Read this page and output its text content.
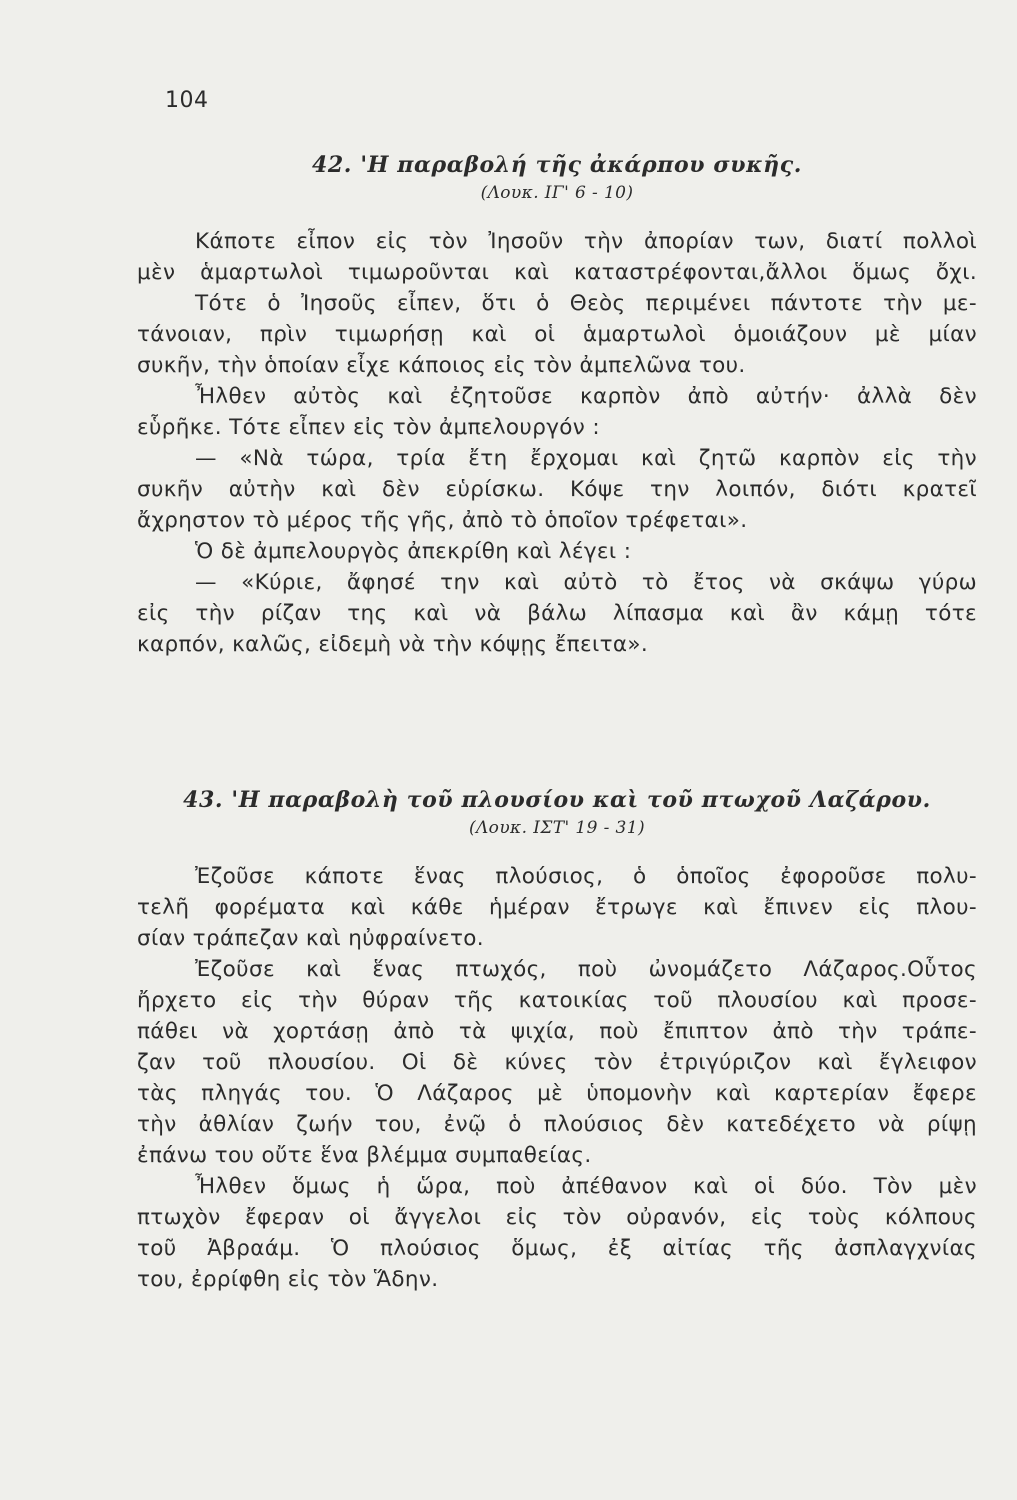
104
42. 'Η παραβολή τῆς ἀκάρπου συκῆς.
(Λουκ. ΙΓ' 6 - 10)
Κάποτε εἶπον εἰς τὸν Ἰησοῦν τὴν ἀπορίαν των, διατί πολλοὶ
μὲν ἁμαρτωλοὶ τιμωροῦνται καὶ καταστρέφονται,ἄλλοι ὅμως ὄχι.
Τότε ὁ Ἰησοῦς εἶπεν, ὅτι ὁ Θεὸς περιμένει πάντοτε τὴν με-
τάνοιαν, πρὶν τιμωρήσῃ καὶ οἱ ἁμαρτωλοὶ ὁμοιάζουν μὲ μίαν
συκῆν, τὴν ὁποίαν εἶχε κάποιος εἰς τὸν ἀμπελῶνα του.
Ἦλθεν αὐτὸς καὶ ἐζητοῦσε καρπὸν ἀπὸ αὐτήν· ἀλλὰ δὲν
εὗρῆκε. Τότε εἶπεν εἰς τὸν ἀμπελουργόν :
— «Νὰ τώρα, τρία ἔτη ἔρχομαι καὶ ζητῶ καρπὸν εἰς τὴν
συκῆν αὐτὴν καὶ δὲν εὑρίσκω. Κόψε την λοιπόν, διότι κρατεῖ
ἄχρηστον τὸ μέρος τῆς γῆς, ἀπὸ τὸ ὁποῖον τρέφεται».
Ὁ δὲ ἀμπελουργὸς ἀπεκρίθη καὶ λέγει :
— «Κύριε, ἄφησέ την καὶ αὐτὸ τὸ ἔτος νὰ σκάψω γύρω
εἰς τὴν ρίζαν της καὶ νὰ βάλω λίπασμα καὶ ἂν κάμῃ τότε
καρπόν, καλῶς, εἰδεμὴ νὰ τὴν κόψῃς ἔπειτα».
43. 'Η παραβολὴ τοῦ πλουσίου καὶ τοῦ πτωχοῦ Λαζάρου.
(Λουκ. ΙΣΤ' 19 - 31)
Ἐζοῦσε κάποτε ἕνας πλούσιος, ὁ ὁποῖος ἐφοροῦσε πολυ-
τελῆ φορέματα καὶ κάθε ἡμέραν ἔτρωγε καὶ ἔπινεν εἰς πλου-
σίαν τράπεζαν καὶ ηὐφραίνετο.
Ἐζοῦσε καὶ ἕνας πτωχός, ποὺ ὠνομάζετο Λάζαρος.Οὗτος
ἤρχετο εἰς τὴν θύραν τῆς κατοικίας τοῦ πλουσίου καὶ προσε-
πάθει νὰ χορτάσῃ ἀπὸ τὰ ψιχία, ποὺ ἔπιπτον ἀπὸ τὴν τράπε-
ζαν τοῦ πλουσίου. Οἱ δὲ κύνες τὸν ἐτριγύριζον καὶ ἔγλειφον
τὰς πληγάς του. Ὁ Λάζαρος μὲ ὑπομονὴν καὶ καρτερίαν ἔφερε
τὴν ἀθλίαν ζωήν του, ἐνῷ ὁ πλούσιος δὲν κατεδέχετο νὰ ρίψῃ
ἐπάνω του οὔτε ἕνα βλέμμα συμπαθείας.
Ἦλθεν ὅμως ἡ ὥρα, ποὺ ἀπέθανον καὶ οἱ δύο. Τὸν μὲν
πτωχὸν ἔφεραν οἱ ἄγγελοι εἰς τὸν οὐρανόν, εἰς τοὺς κόλπους
τοῦ Ἀβραάμ. Ὁ πλούσιος ὅμως, ἐξ αἰτίας τῆς ἀσπλαγχνίας
του, ἐρρίφθη εἰς τὸν Ἅδην.
